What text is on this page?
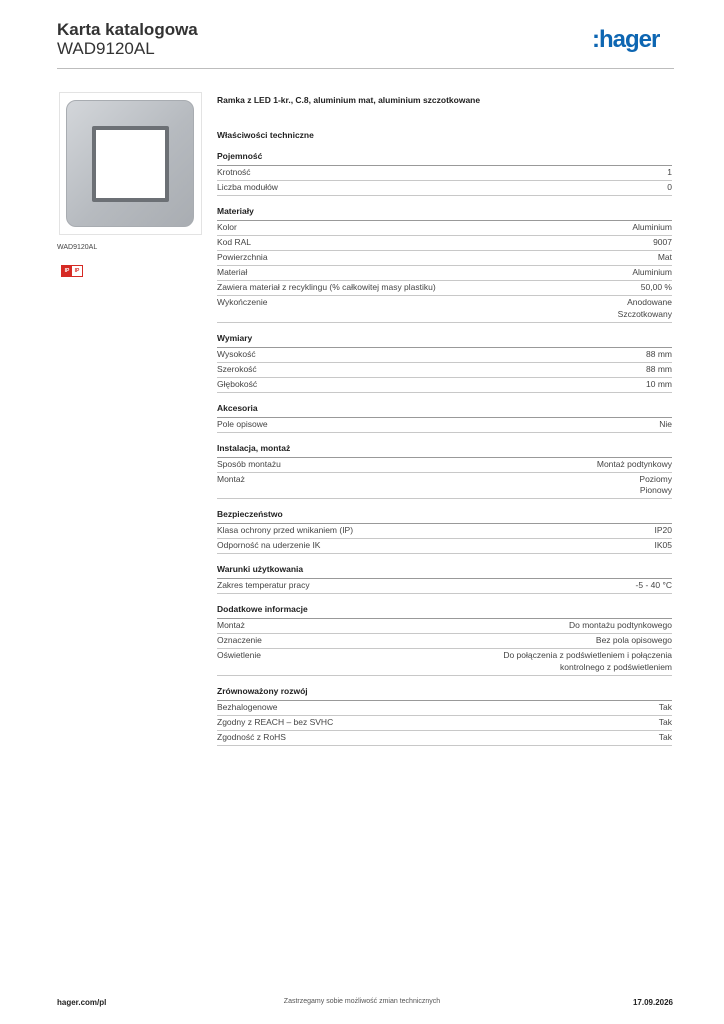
Karta katalogowa
WAD9120AL	:hager
WAD9120AL
IP	IP
Ramka z LED 1-kr., C.8, aluminium mat, aluminium szczotkowane
Właściwości techniczne
Pojemność
Krotność	1
Liczba modułów	0
Materiały
Kolor	Aluminium
Kod RAL	9007
Powierzchnia	Mat
Materiał	Aluminium
Zawiera materiał z recyklingu (% całkowitej masy plastiku)	50,00 %
Wykończenie	Anodowane
Szczotkowany
Wymiary
Wysokość	88 mm
Szerokość	88 mm
Głębokość	10 mm
Akcesoria
Pole opisowe	Nie
Instalacja, montaż
Sposób montażu	Montaż podtynkowy
Montaż	Poziomy
Pionowy
Bezpieczeństwo
Klasa ochrony przed wnikaniem (IP)	IP20
Odporność na uderzenie IK	IK05
Warunki użytkowania
Zakres temperatur pracy	-5 - 40 °C
Dodatkowe informacje
Montaż	Do montażu podtynkowego
Oznaczenie	Bez pola opisowego
Oświetlenie	Do połączenia z podświetleniem i połączenia
kontrolnego z podświetleniem
Zrównoważony rozwój
Bezhalogenowe	Tak
Zgodny z REACH – bez SVHC	Tak
Zgodność z RoHS	Tak
hager.com/pl	Zastrzegamy sobie możliwość zmian technicznych	17.09.2026
